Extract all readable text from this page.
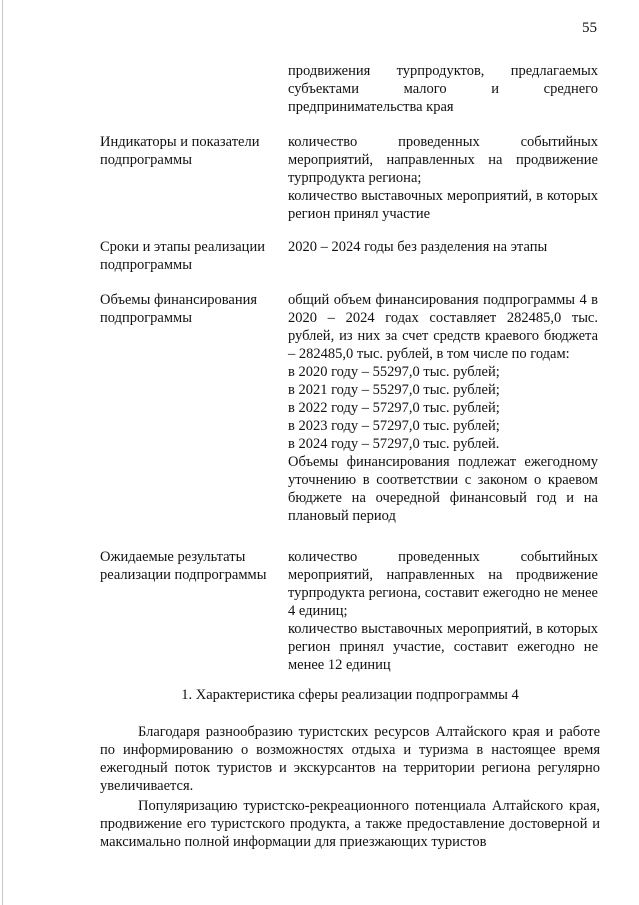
55
продвижения турпродуктов, предлагаемых субъектами малого и среднего предпринимательства края
Индикаторы и показатели подпрограммы
количество проведенных событийных мероприятий, направленных на продвижение турпродукта региона;
количество выставочных мероприятий, в которых регион принял участие
Сроки и этапы реализации подпрограммы
2020 – 2024 годы без разделения на этапы
Объемы финансирования подпрограммы
общий объем финансирования подпрограммы 4 в 2020 – 2024 годах составляет 282485,0 тыс. рублей, из них за счет средств краевого бюджета – 282485,0 тыс. рублей, в том числе по годам:
в 2020 году – 55297,0 тыс. рублей;
в 2021 году – 55297,0 тыс. рублей;
в 2022 году – 57297,0 тыс. рублей;
в 2023 году – 57297,0 тыс. рублей;
в 2024 году – 57297,0 тыс. рублей.
Объемы финансирования подлежат ежегодному уточнению в соответствии с законом о краевом бюджете на очередной финансовый год и на плановый период
Ожидаемые результаты реализации подпрограммы
количество проведенных событийных мероприятий, направленных на продвижение турпродукта региона, составит ежегодно не менее 4 единиц;
количество выставочных мероприятий, в которых регион принял участие, составит ежегодно не менее 12 единиц
1. Характеристика сферы реализации подпрограммы 4
Благодаря разнообразию туристских ресурсов Алтайского края и работе по информированию о возможностях отдыха и туризма в настоящее время ежегодный поток туристов и экскурсантов на территории региона регулярно увеличивается.
Популяризацию туристско-рекреационного потенциала Алтайского края, продвижение его туристского продукта, а также предоставление достоверной и максимально полной информации для приезжающих туристов
